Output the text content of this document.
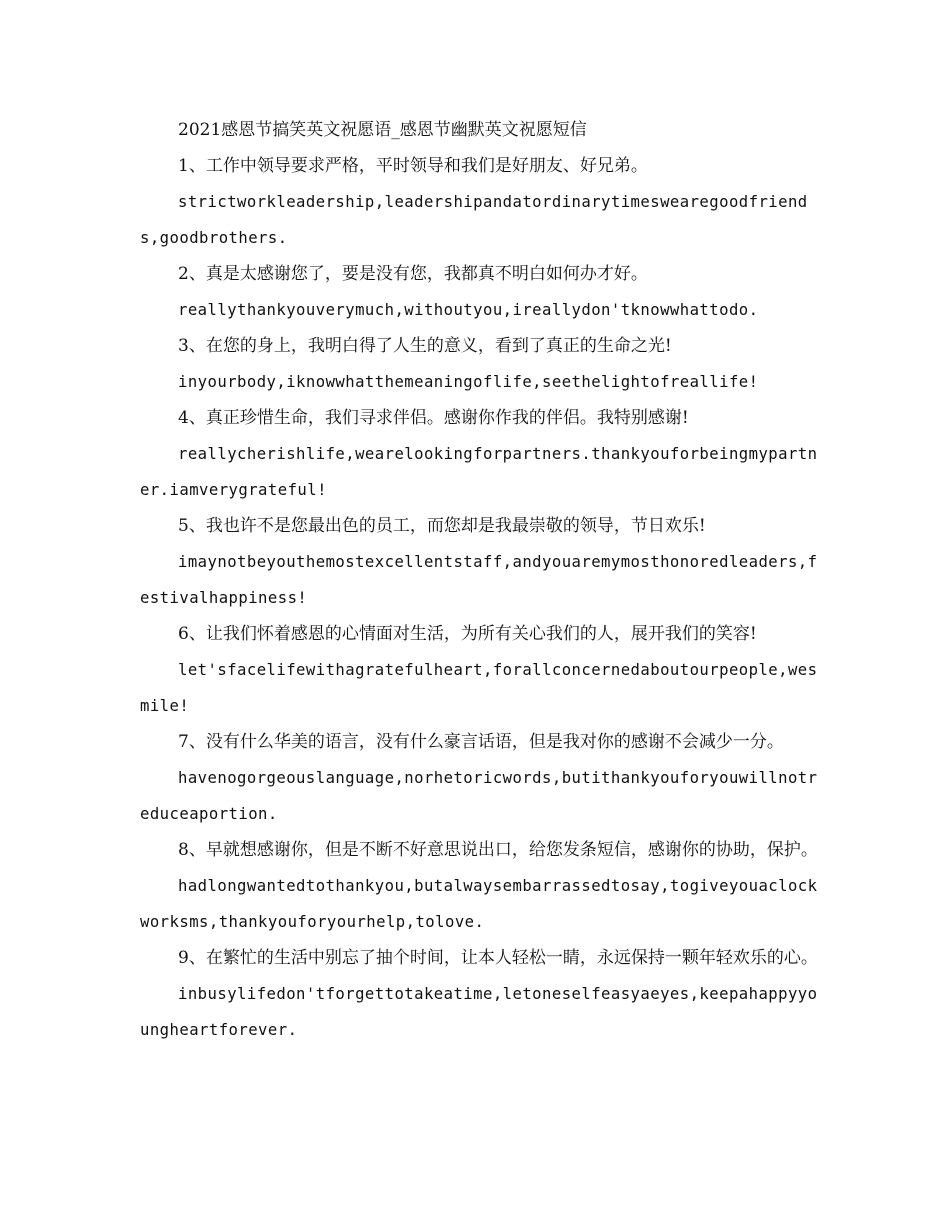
2021感恩节搞笑英文祝愿语_感恩节幽默英文祝愿短信
1、工作中领导要求严格，平时领导和我们是好朋友、好兄弟。
strictworkleadership,leadershipandatordinarytimeswearegoodfriends,goodbrothers.
2、真是太感谢您了，要是没有您，我都真不明白如何办才好。
reallythankyouverymuch,withoutyou,ireallydon'tknowwhattodo.
3、在您的身上，我明白得了人生的意义，看到了真正的生命之光!
inyourbody,iknowwhatthemeaningoflife,seethelightofreallife!
4、真正珍惜生命，我们寻求伴侣。感谢你作我的伴侣。我特别感谢!
reallycherishlife,wearelookingforpartners.thankyouforbeingmypartner.iamverygrateful!
5、我也许不是您最出色的员工，而您却是我最崇敬的领导，节日欢乐!
imaynotbeyouthemostexcellentstaff,andyouaremymosthonoredleaders,festivalhappiness!
6、让我们怀着感恩的心情面对生活，为所有关心我们的人，展开我们的笑容!
let'sfacelifewithagratefulheart,forallconcernedaboutourpeople,wesmile!
7、没有什么华美的语言，没有什么豪言话语，但是我对你的感谢不会减少一分。
havenogorgeouslanguage,norhetoricwords,butithankyouforyouwillnotreduceaportion.
8、早就想感谢你，但是不断不好意思说出口，给您发条短信，感谢你的协助，保护。
hadlongwantedtothankyou,butalwaysembarrassedtosay,togiveyouaclockworksms,thankyouforyourhelp,tolove.
9、在繁忙的生活中别忘了抽个时间，让本人轻松一睛，永远保持一颗年轻欢乐的心。
inbusylifedon'tforgettotakeatime,letoneselfeasyaeyes,keepahappyyoungheartforever.
